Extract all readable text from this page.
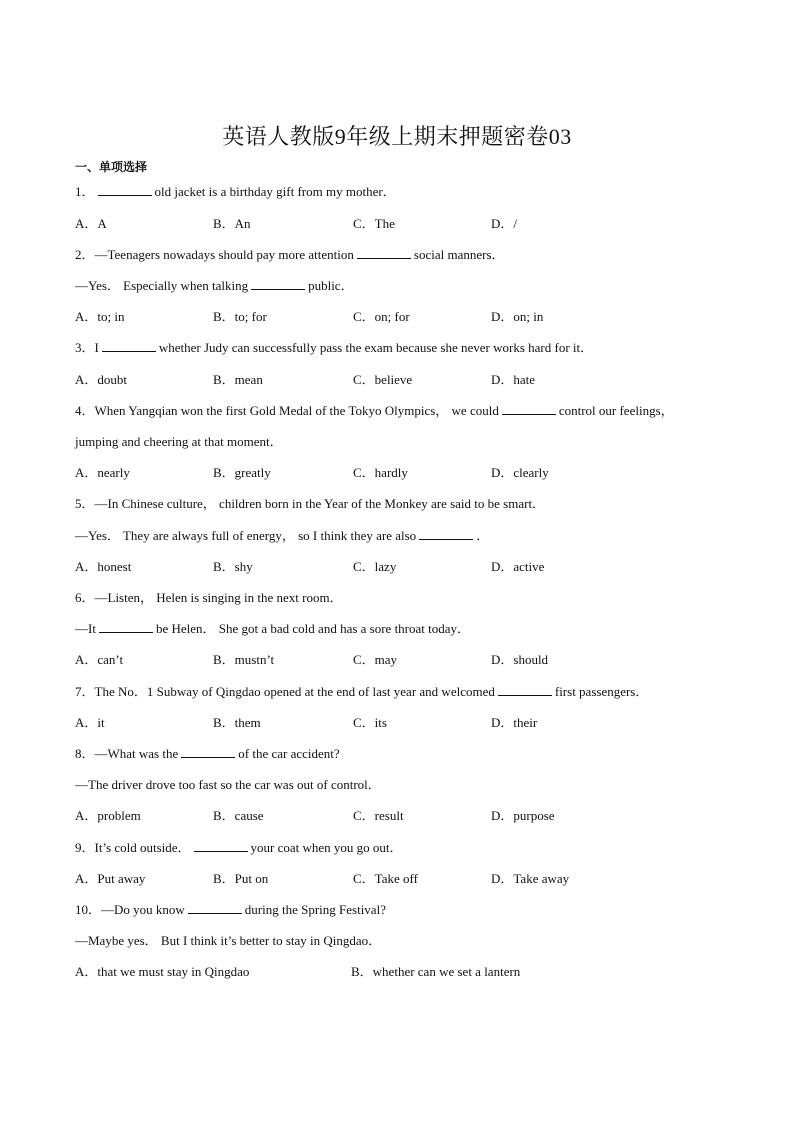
英语人教版9年级上期末押题密卷03
一、单项选择
1．	old jacket is a birthday gift from my mother．
A．A	B．An	C．The	D．/
2．—Teenagers nowadays should pay more attention	social manners．
—Yes． Especially when talking	public．
A．to; in	B．to; for	C．on; for	D．on; in
3．I	whether Judy can successfully pass the exam because she never works hard for it．
A．doubt	B．mean	C．believe	D．hate
4．When Yangqian won the first Gold Medal of the Tokyo Olympics， we could	control our feelings，
jumping and cheering at that moment．
A．nearly	B．greatly	C．hardly	D．clearly
5．—In Chinese culture， children born in the Year of the Monkey are said to be smart．
—Yes． They are always full of energy， so I think they are also	．
A．honest	B．shy	C．lazy	D．active
6．—Listen， Helen is singing in the next room．
—It	be Helen． She got a bad cold and has a sore throat today．
A．can’t	B．mustn’t	C．may	D．should
7．The No．1 Subway of Qingdao opened at the end of last year and welcomed	first passengers．
A．it	B．them	C．its	D．their
8．—What was the	of the car accident?
—The driver drove too fast so the car was out of control．
A．problem	B．cause	C．result	D．purpose
9．It’s cold outside．	your coat when you go out．
A．Put away	B．Put on	C．Take off	D．Take away
10．—Do you know	during the Spring Festival?
—Maybe yes． But I think it’s better to stay in Qingdao．
A．that we must stay in Qingdao	B．whether can we set a lantern
